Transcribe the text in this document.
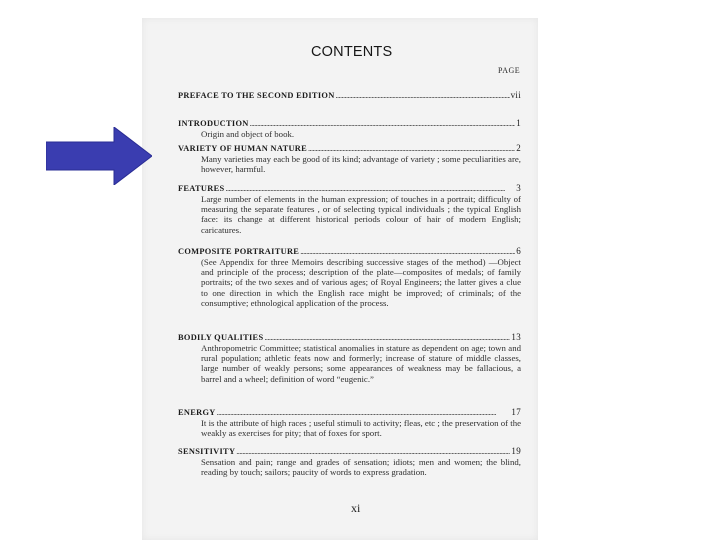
CONTENTS
PAGE
PREFACE TO THE SECOND EDITION .....	vii
INTRODUCTION .....	1
Origin and object of book.
VARIETY OF HUMAN NATURE .....	2
Many varieties may each be good of its kind; advantage of variety ; some peculiarities are, however, harmful.
FEATURES .....	3
Large number of elements in the human expression; of touches in a portrait; difficulty of measuring the separate features , or of selecting typical individuals ; the typical English face: its change at different historical periods colour of hair of modern English; caricatures.
COMPOSITE PORTRAITURE .....	6
(See Appendix for three Memoirs describing successive stages of the method) —Object and principle of the process; description of the plate—composites of medals; of family portraits; of the two sexes and of various ages; of Royal Engineers; the latter gives a clue to one direction in which the English race might be improved; of criminals; of the consumptive; ethnological application of the process.
BODILY QUALITIES .....	13
Anthropometric Committee; statistical anomalies in stature as dependent on age; town and rural population; athletic feats now and formerly; increase of stature of middle classes, large number of weakly persons; some appearances of weakness may be fallacious, a barrel and a wheel; definition of word “eugenic.”
ENERGY .....	17
It is the attribute of high races ; useful stimuli to activity; fleas, etc ; the preservation of the weakly as exercises for pity; that of foxes for sport.
SENSITIVITY .....	19
Sensation and pain; range and grades of sensation; idiots; men and women; the blind, reading by touch; sailors; paucity of words to express gradation.
xi
